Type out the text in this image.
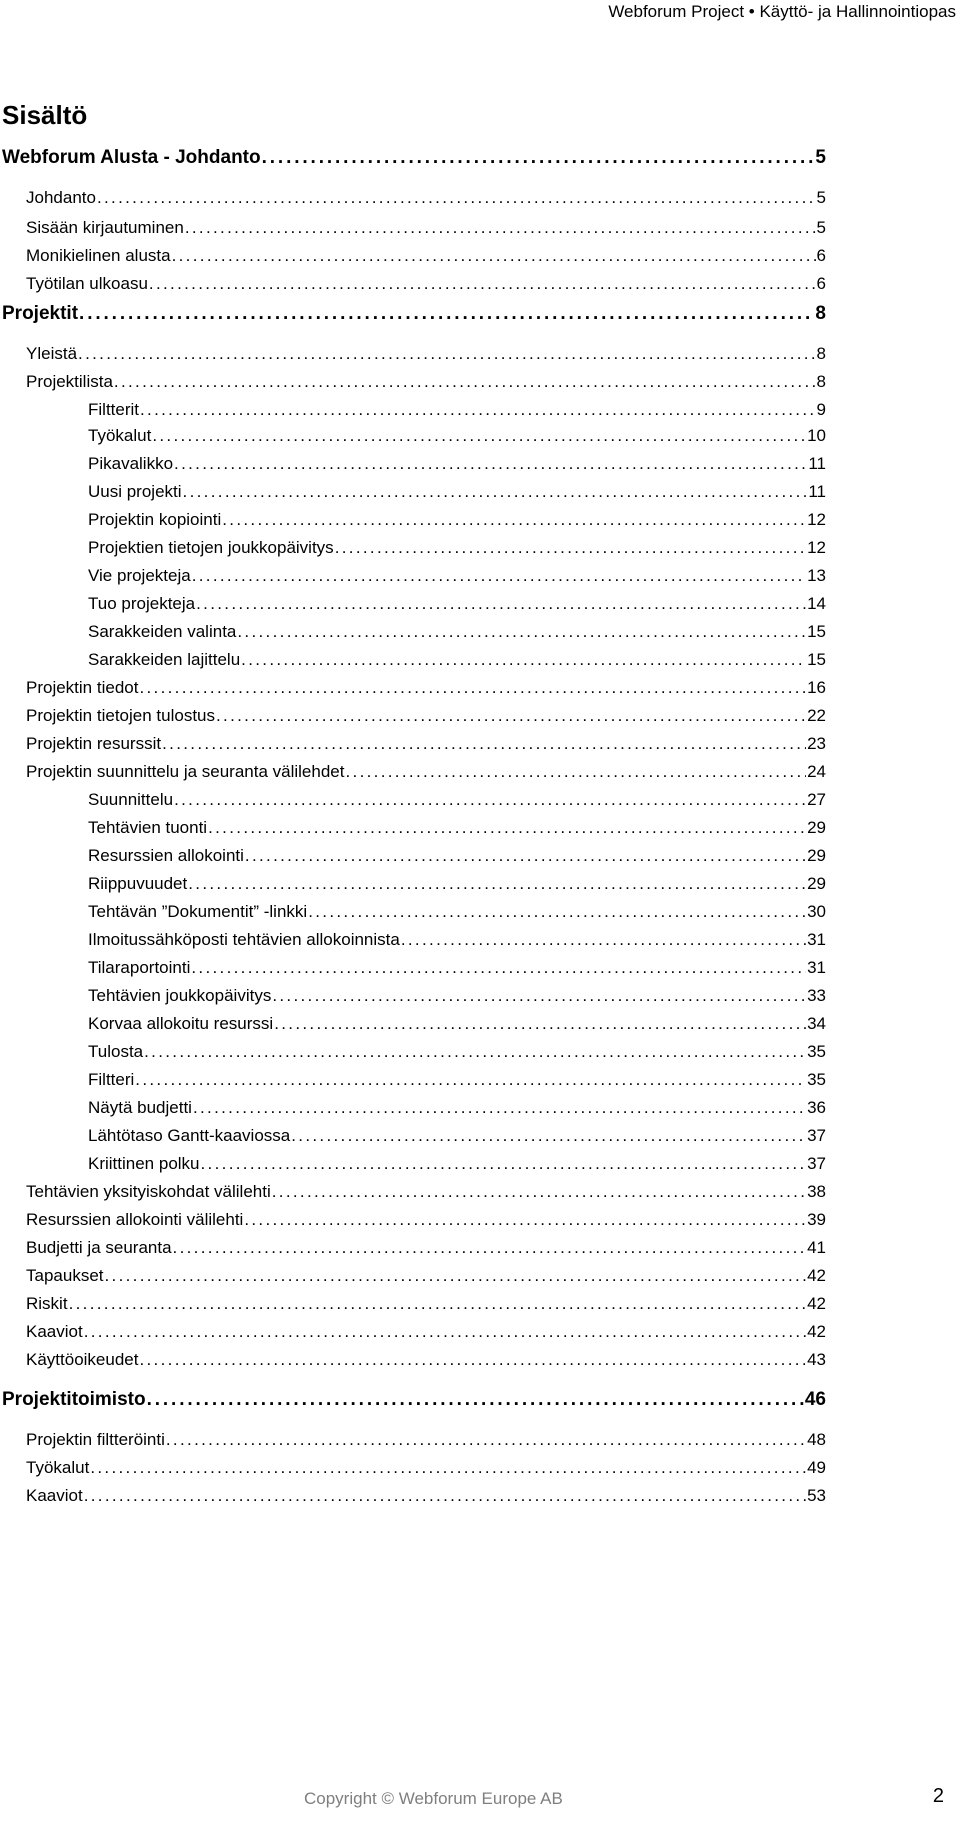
Webforum Project • Käyttö- ja Hallinnointiopas
Sisältö
Webforum Alusta - Johdanto . . .	5
Johdanto . . .	5
Sisään kirjautuminen . . .	5
Monikielinen alusta . . .	6
Työtilan ulkoasu . . .	6
Projektit . . .	8
Yleistä . . .	8
Projektilista . . .	8
Filtterit . . .	9
Työkalut . . .	10
Pikavalikko . . .	11
Uusi projekti . . .	11
Projektin kopiointi . . .	12
Projektien tietojen joukkopäivitys . . .	12
Vie projekteja . . .	13
Tuo projekteja . . .	14
Sarakkeiden valinta . . .	15
Sarakkeiden lajittelu . . .	15
Projektin tiedot . . .	16
Projektin tietojen tulostus . . .	22
Projektin resurssit . . .	23
Projektin suunnittelu ja seuranta välilehdet . . .	24
Suunnittelu . . .	27
Tehtävien tuonti . . .	29
Resurssien allokointi . . .	29
Riippuvuudet . . .	29
Tehtävän ”Dokumentit” -linkki . . .	30
Ilmoitussähköposti tehtävien allokoinnista . . .	31
Tilaraportointi . . .	31
Tehtävien joukkopäivitys . . .	33
Korvaa allokoitu resurssi . . .	34
Tulosta . . .	35
Filtteri . . .	35
Näytä budjetti . . .	36
Lähtötaso Gantt-kaaviossa . . .	37
Kriittinen polku . . .	37
Tehtävien yksityiskohdat välilehti . . .	38
Resurssien allokointi välilehti . . .	39
Budjetti ja seuranta . . .	41
Tapaukset . . .	42
Riskit . . .	42
Kaaviot . . .	42
Käyttöoikeudet . . .	43
Projektitoimisto . . .	46
Projektin filtteröinti . . .	48
Työkalut . . .	49
Kaaviot . . .	53
Copyright © Webforum Europe AB	2
